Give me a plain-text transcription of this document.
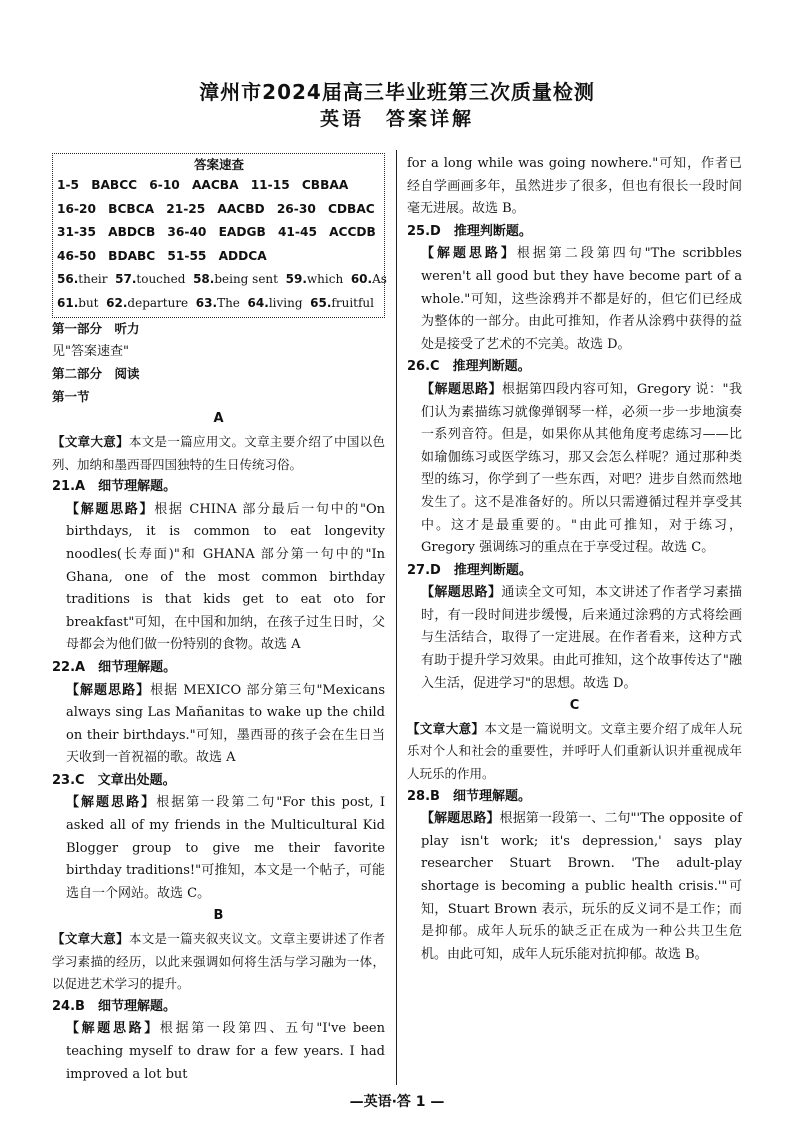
漳州市2024届高三毕业班第三次质量检测
英语　答案详解
答案速查
1-5　BABCC　6-10　AACBA　11-15　CBBAA
16-20　BCBCA　21-25　AACBD　26-30　CDBAC
31-35　ABDCB　36-40　EADGB　41-45　ACCDB
46-50　BDABC　51-55　ADDCA
56.their 57.touched 58.being sent 59.which 60.As
61.but 62.departure 63.The 64.living 65.fruitful
第一部分　听力
见"答案速查"
第二部分　阅读
第一节
A

【文章大意】本文是一篇应用文。文章主要介绍了中国以色列、加纳和墨西哥四国独特的生日传统习俗。

21.A　细节理解题。

【解题思路】根据 CHINA 部分最后一句中的"On birthdays, it is common to eat longevity noodles(长寿面)"和 GHANA 部分第一句中的"In Ghana, one of the most common birthday traditions is that kids get to eat oto for breakfast"可知，在中国和加纳，在孩子过生日时，父母都会为他们做一份特别的食物。故选 A

22.A　细节理解题。

【解题思路】根据 MEXICO 部分第三句"Mexicans always sing Las Mañanitas to wake up the child on their birthdays."可知，墨西哥的孩子会在生日当天收到一首祝福的歌。故选 A

23.C　文章出处题。

【解题思路】根据第一段第二句"For this post, I asked all of my friends in the Multicultural Kid Blogger group to give me their favorite birthday traditions!"可推知，本文是一个帖子，可能选自一个网站。故选 C。

B

【文章大意】本文是一篇夹叙夹议文。文章主要讲述了作者学习素描的经历，以此来强调如何将生活与学习融为一体，以促进艺术学习的提升。

24.B　细节理解题。

【解题思路】根据第一段第四、五句"I've been teaching myself to draw for a few years. I had improved a lot but

for a long while was going nowhere."可知，作者已经自学画画多年，虽然进步了很多，但也有很长一段时间毫无进展。故选 B。

25.D　推理判断题。

【解题思路】根据第二段第四句"The scribbles weren't all good but they have become part of a whole."可知，这些涂鸦并不都是好的，但它们已经成为整体的一部分。由此可推知，作者从涂鸦中获得的益处是接受了艺术的不完美。故选 D。

26.C　推理判断题。

【解题思路】根据第四段内容可知，Gregory 说："我们认为素描练习就像弹钢琴一样，必须一步一步地演奏一系列音符。但是，如果你从其他角度考虑练习——比如瑜伽练习或医学练习，那又会怎么样呢？通过那种类型的练习，你学到了一些东西，对吧？进步自然而然地发生了。这不是准备好的。所以只需遵循过程并享受其中。这才是最重要的。"由此可推知，对于练习，Gregory 强调练习的重点在于享受过程。故选 C。

27.D　推理判断题。

【解题思路】通读全文可知，本文讲述了作者学习素描时，有一段时间进步缓慢，后来通过涂鸦的方式将绘画与生活结合，取得了一定进展。在作者看来，这种方式有助于提升学习效果。由此可推知，这个故事传达了"融入生活，促进学习"的思想。故选 D。

C

【文章大意】本文是一篇说明文。文章主要介绍了成年人玩乐对个人和社会的重要性，并呼吁人们重新认识并重视成年人玩乐的作用。

28.B　细节理解题。

【解题思路】根据第一段第一、二句"'The opposite of play isn't work; it's depression,' says play researcher Stuart Brown. 'The adult-play shortage is becoming a public health crisis.'"可知，Stuart Brown 表示，玩乐的反义词不是工作；而是抑郁。成年人玩乐的缺乏正在成为一种公共卫生危机。由此可知，成年人玩乐能对抗抑郁。故选 B。

—英语·答 1 —
